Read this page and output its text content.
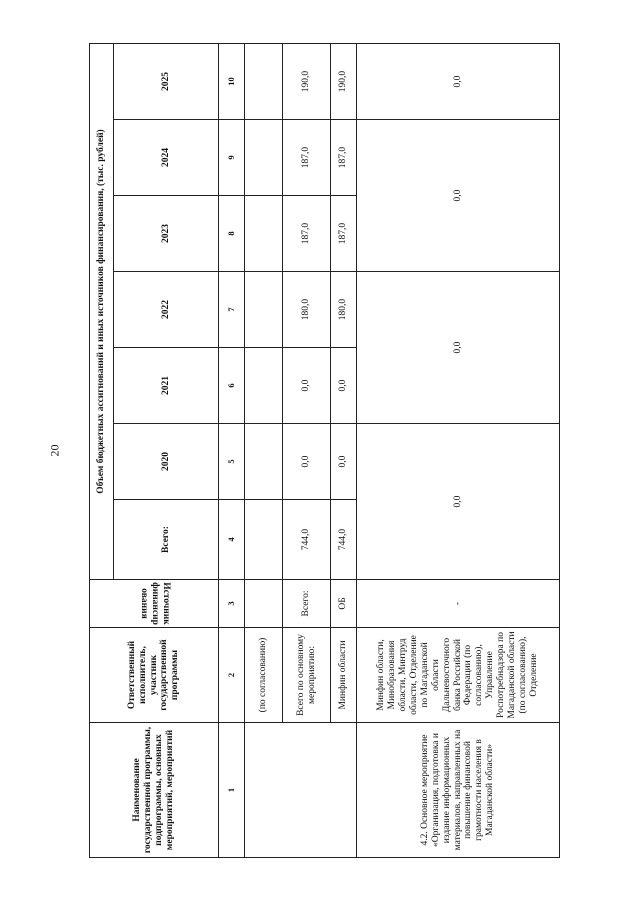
20
Наименование государственной программы, подпрограммы, основных мероприятий, мероприятий	Ответственный исполнитель, участник государственной программы	Источник финансирования	Объем бюджетных ассигнований и иных источников финансирования, (тыс. рублей)						
			Всего:	2020	2021	2022	2023	2024	2025
1	2	3	4	5	6	7	8	9	10
	(по согласованию)								
	Всего по основному мероприятию:	Всего:	744,0	0,0	0,0	180,0	187,0	187,0	190,0
	Минфин области	ОБ	744,0	0,0	0,0	180,0	187,0	187,0	190,0
4.2. Основное мероприятие «Организация, подготовка и издание информационных материалов, направленных на повышение финансовой грамотности населения в Магаданской области»	Минфин области, Минобразования области, Минтруд области, Отделение по Магаданской области Дальневосточного банка Российской Федерации (по согласованию), Управление Роспотребнадзора по Магаданской области (по согласованию), Отделение	-	0,0		0,0		0,0		0,0
